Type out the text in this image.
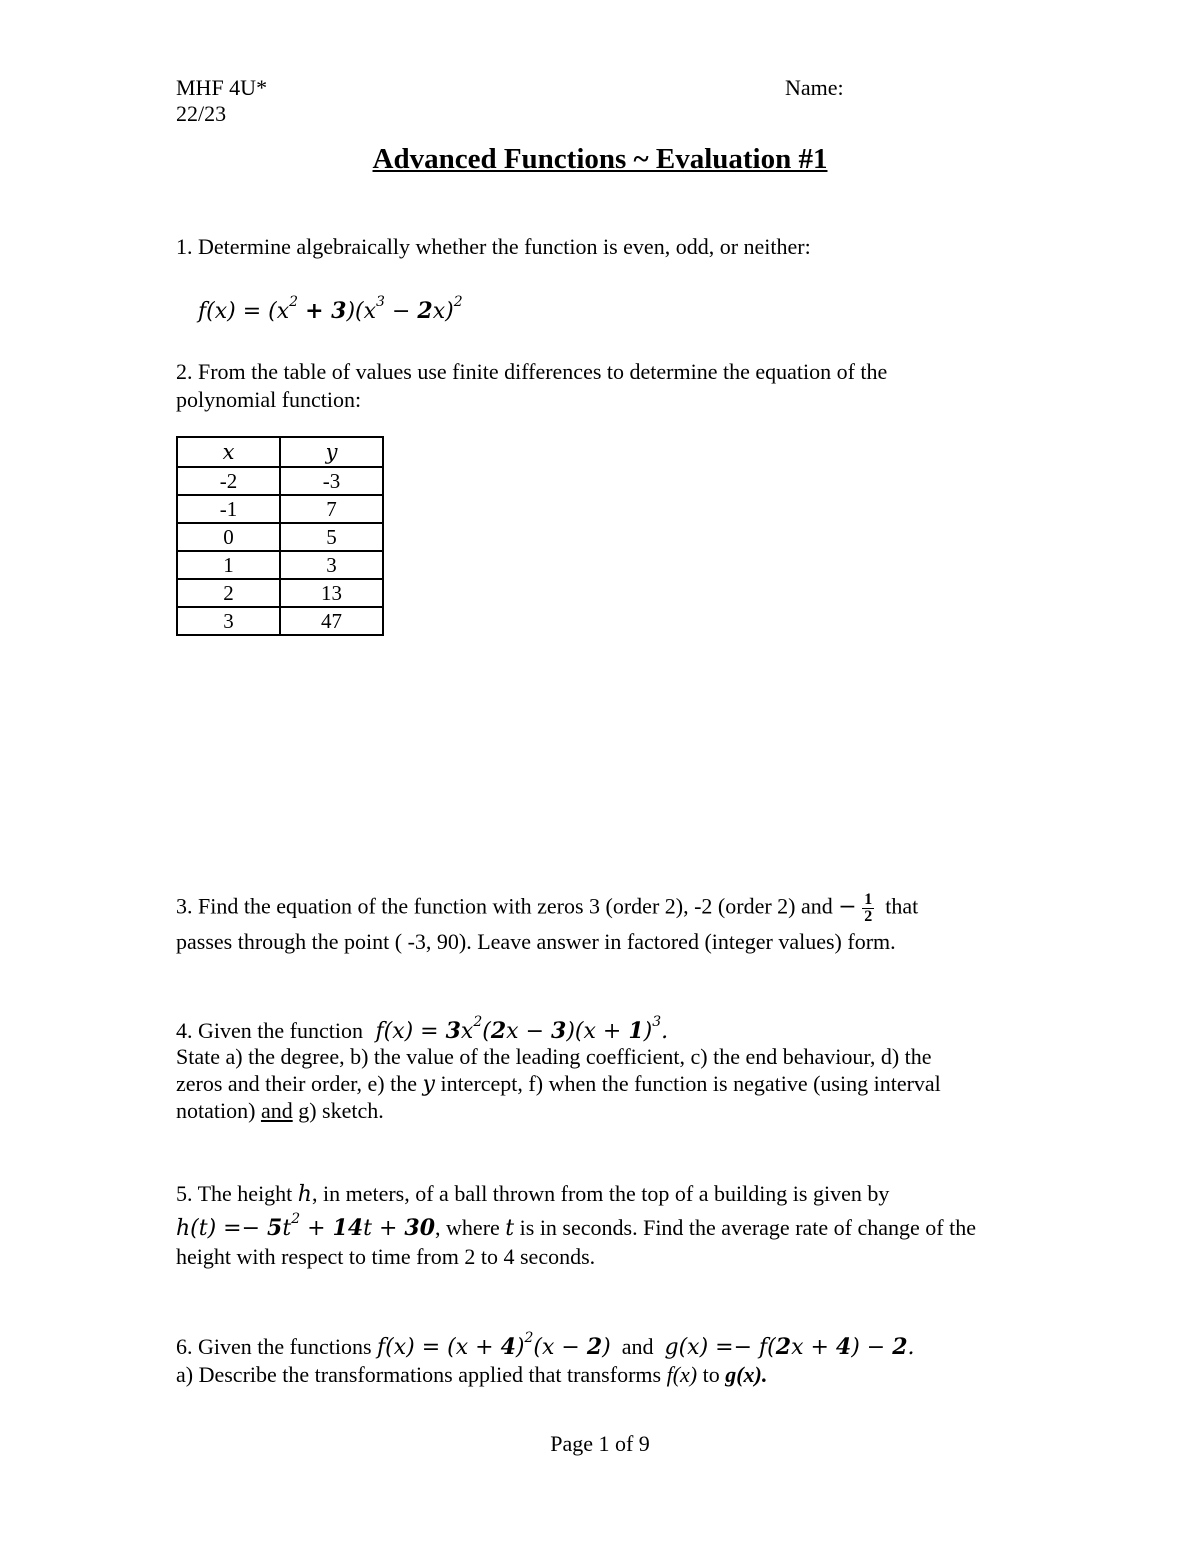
MHF 4U*
22/23
Name:
Advanced Functions ~ Evaluation #1
1. Determine algebraically whether the function is even, odd, or neither:
$f(x) = (x^2 + 3)(x^3 - 2x)^2$
2. From the table of values use finite differences to determine the equation of the
polynomial function:
x	y
-2	-3
-1	7
0	5
1	3
2	13
3	47
3. Find the equation of the function with zeros 3 (order 2), -2 (order 2) and − $\frac{1}{2}$ that
passes through the point ( -3, 90). Leave answer in factored (integer values) form.
4. Given the function  $f(x) = 3x^2(2x - 3)(x + 1)^3$.
State a) the degree, b) the value of the leading coefficient, c) the end behaviour, d) the
zeros and their order, e) the y intercept, f) when the function is negative (using interval
notation) and g) sketch.
5. The height h, in meters, of a ball thrown from the top of a building is given by
$h(t) =- 5t^2 + 14t + 30$, where t is in seconds. Find the average rate of change of the
height with respect to time from 2 to 4 seconds.
6. Given the functions $f(x) = (x + 4)^2(x - 2)$ and g(x) =− f(2x + 4) − 2.
a) Describe the transformations applied that transforms f(x) to g(x).
Page 1 of 9
